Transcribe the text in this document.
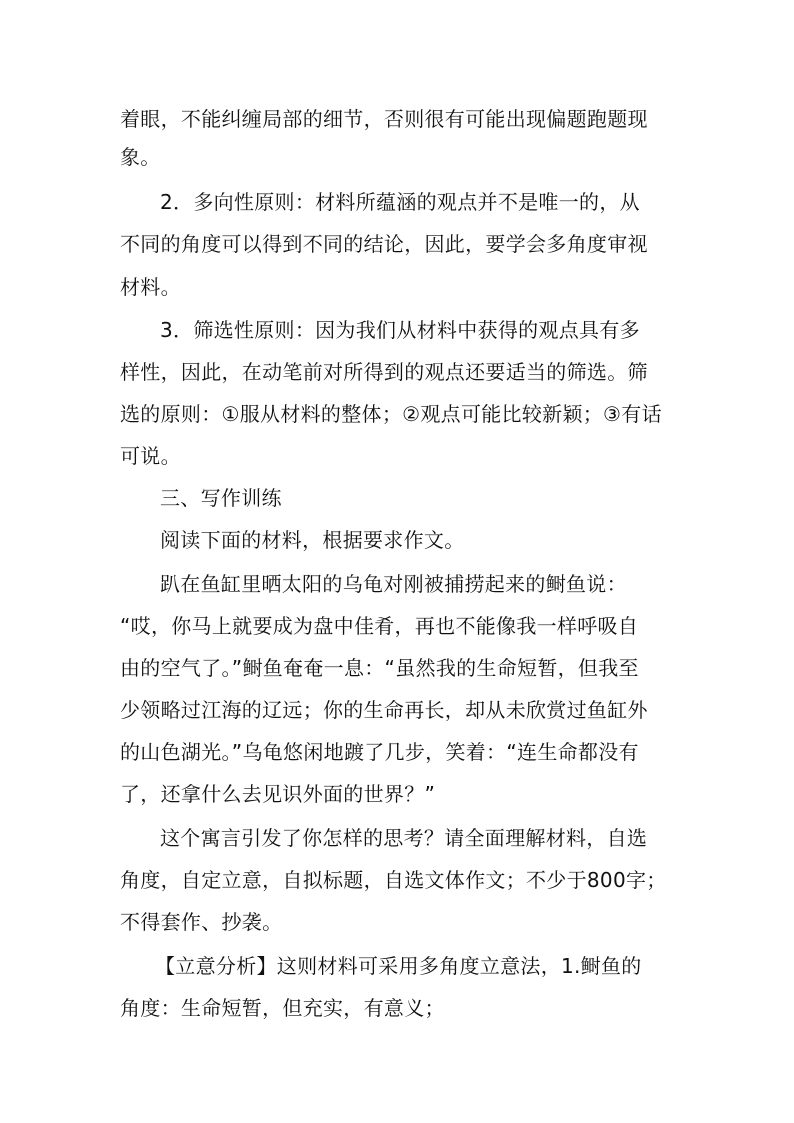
着眼，不能纠缠局部的细节，否则很有可能出现偏题跑题现
象。
2．多向性原则：材料所蕴涵的观点并不是唯一的，从
不同的角度可以得到不同的结论，因此，要学会多角度审视
材料。
3．筛选性原则：因为我们从材料中获得的观点具有多
样性，因此，在动笔前对所得到的观点还要适当的筛选。筛
选的原则：①服从材料的整体；②观点可能比较新颖；③有话
可说。
三、写作训练
阅读下面的材料，根据要求作文。
趴在鱼缸里晒太阳的乌龟对刚被捕捞起来的鲥鱼说：
“哎，你马上就要成为盘中佳肴，再也不能像我一样呼吸自
由的空气了。”鲥鱼奄奄一息：“虽然我的生命短暂，但我至
少领略过江海的辽远；你的生命再长，却从未欣赏过鱼缸外
的山色湖光。”乌龟悠闲地踱了几步，笑着：“连生命都没有
了，还拿什么去见识外面的世界？”
这个寓言引发了你怎样的思考？请全面理解材料，自选
角度，自定立意，自拟标题，自选文体作文；不少于800字；
不得套作、抄袭。
【立意分析】这则材料可采用多角度立意法，1.鲥鱼的
角度：生命短暂，但充实，有意义；
